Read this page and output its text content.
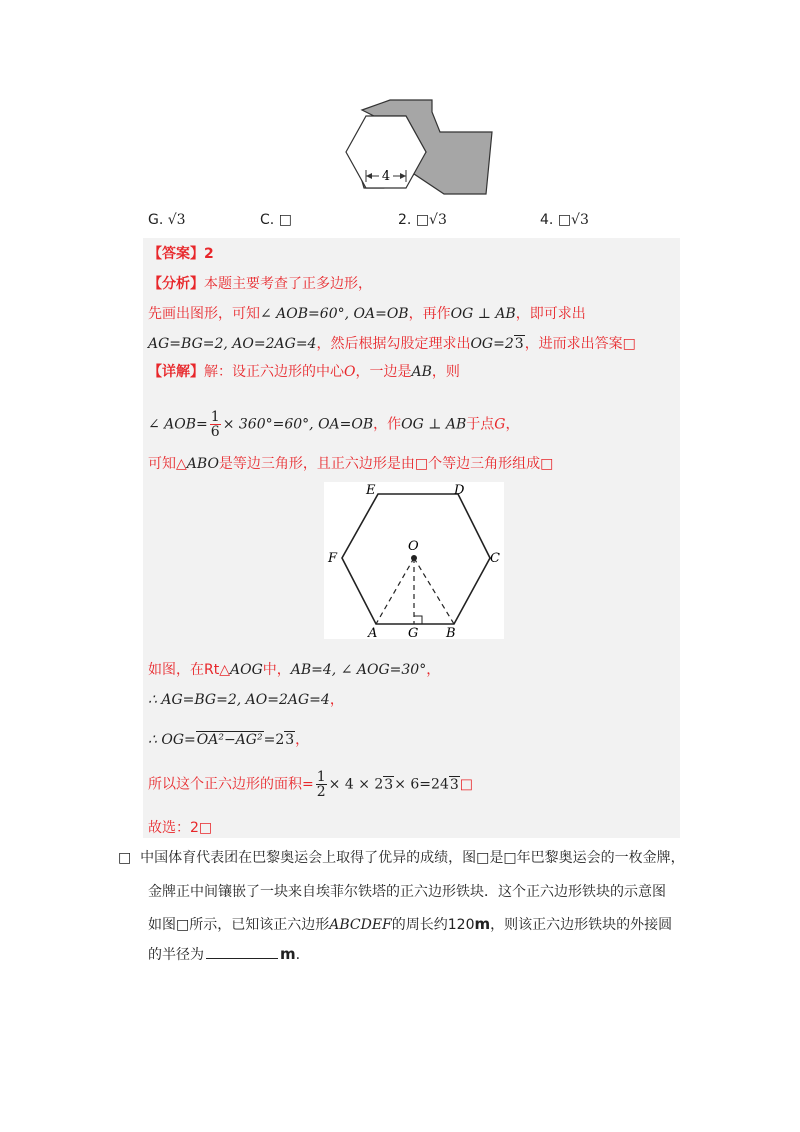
4
G. √3	C. □	2. □√3	4. □√3
【答案】2
【分析】本题主要考查了正多边形，
先画出图形，可知∠ AOB=60°, OA=OB，再作OG ⊥ AB，即可求出
AG=BG=2, AO=2AG=4，然后根据勾股定理求出OG=23，进而求出答案□
【详解】解：设正六边形的中心O，一边是AB，则
∠ $AOB= \frac{1}{6} \times 360^\circ=60^\circ$, OA=OB，作OG ⊥ AB于点G，
可知△ABO是等边三角形，且正六边形是由□个等边三角形组成□
E	D
F	C
O
A G B
如图，在Rt△AOG中，AB=4, ∠ AOG=30°，
∴ AG=BG=2, AO=2AG=4，
∴ OG=OA²−AG²=23，
所以这个正六边形的面积= $\frac{1}{2} \times 4 \times 23\times$ 6=243□
故选：2□
□ 中国体育代表团在巴黎奥运会上取得了优异的成绩，图□是□年巴黎奥运会的一枚金牌，
金牌正中间镶嵌了一块来自埃菲尔铁塔的正六边形铁块．这个正六边形铁块的示意图
如图□所示，已知该正六边形ABCDEF的周长约120m，则该正六边形铁块的外接圆
的半径为	m.
